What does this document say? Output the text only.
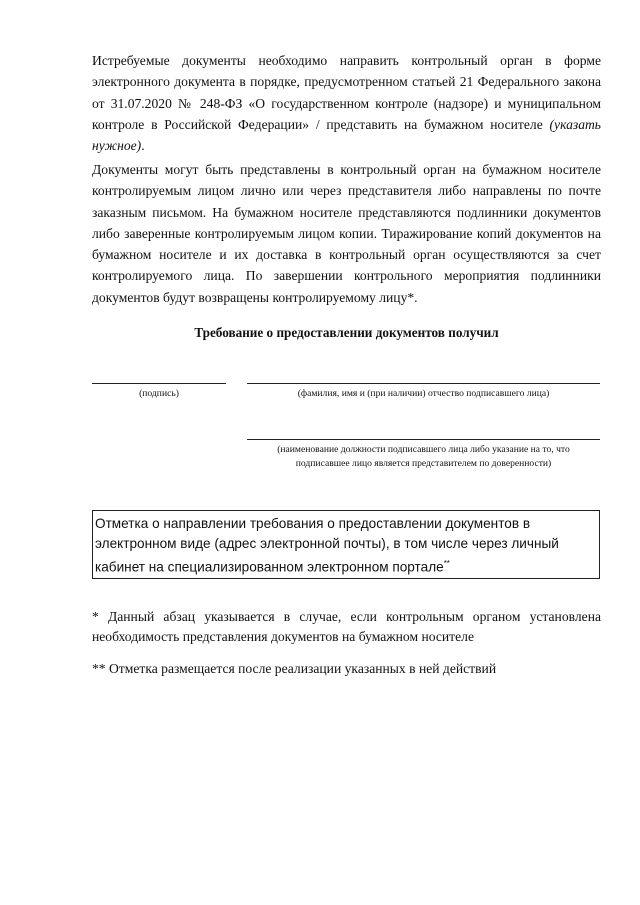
Истребуемые документы необходимо направить контрольный орган в форме электронного документа в порядке, предусмотренном статьей 21 Федерального закона от 31.07.2020 № 248-ФЗ «О государственном контроле (надзоре) и муниципальном контроле в Российской Федерации» / представить на бумажном носителе (указать нужное).
Документы могут быть представлены в контрольный орган на бумажном носителе контролируемым лицом лично или через представителя либо направлены по почте заказным письмом. На бумажном носителе представляются подлинники документов либо заверенные контролируемым лицом копии. Тиражирование копий документов на бумажном носителе и их доставка в контрольный орган осуществляются за счет контролируемого лица. По завершении контрольного мероприятия подлинники документов будут возвращены контролируемому лицу*.
Требование о предоставлении документов получил
(подпись)	(фамилия, имя и (при наличии) отчество подписавшего лица)
(наименование должности подписавшего лица либо указание на то, что
подписавшее лицо является представителем по доверенности)
Отметка о направлении требования о предоставлении документов в электронном виде (адрес электронной почты), в том числе через личный кабинет на специализированном электронном портале**
* Данный абзац указывается в случае, если контрольным органом установлена необходимость представления документов на бумажном носителе
** Отметка размещается после реализации указанных в ней действий
